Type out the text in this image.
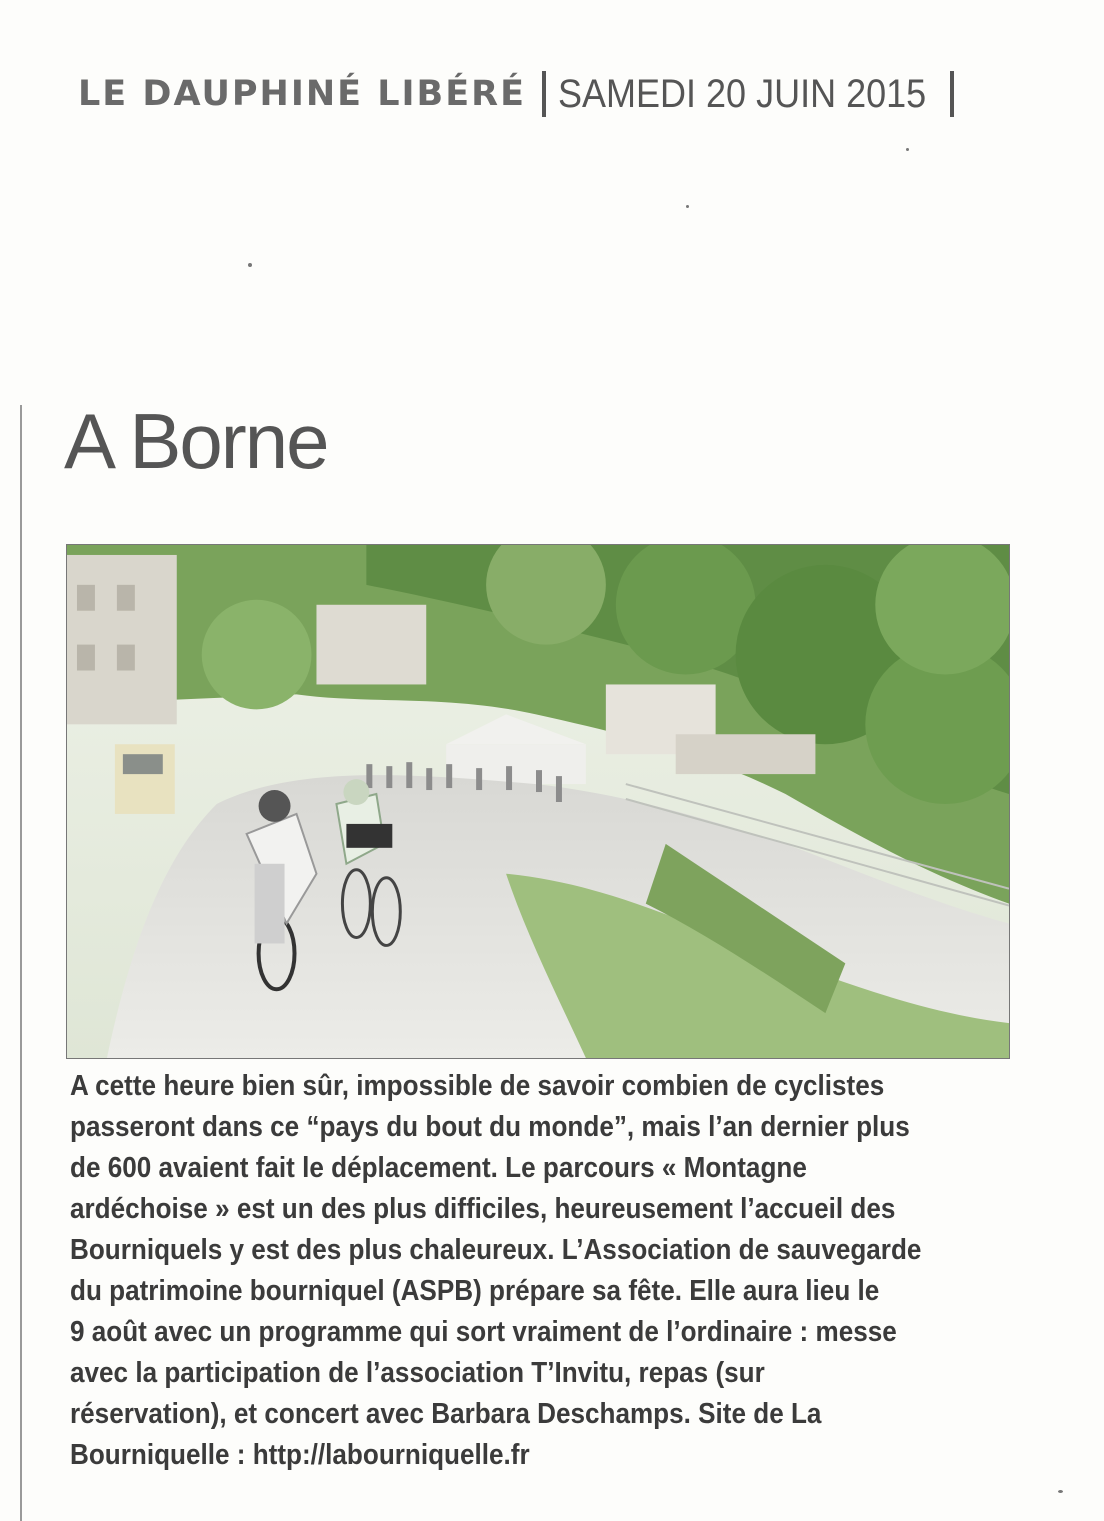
LE DAUPHINÉ LIBÉRÉ SAMEDI 20 JUIN 2015
A Borne

A cette heure bien sûr, impossible de savoir combien de cyclistes
passeront dans ce “pays du bout du monde”, mais l’an dernier plus
de 600 avaient fait le déplacement. Le parcours « Montagne
ardéchoise » est un des plus difficiles, heureusement l’accueil des
Bourniquels y est des plus chaleureux. L’Association de sauvegarde
du patrimoine bourniquel (ASPB) prépare sa fête. Elle aura lieu le
9 août avec un programme qui sort vraiment de l’ordinaire : messe
avec la participation de l’association T’Invitu, repas (sur
réservation), et concert avec Barbara Deschamps. Site de La
Bourniquelle : http://labourniquelle.fr
